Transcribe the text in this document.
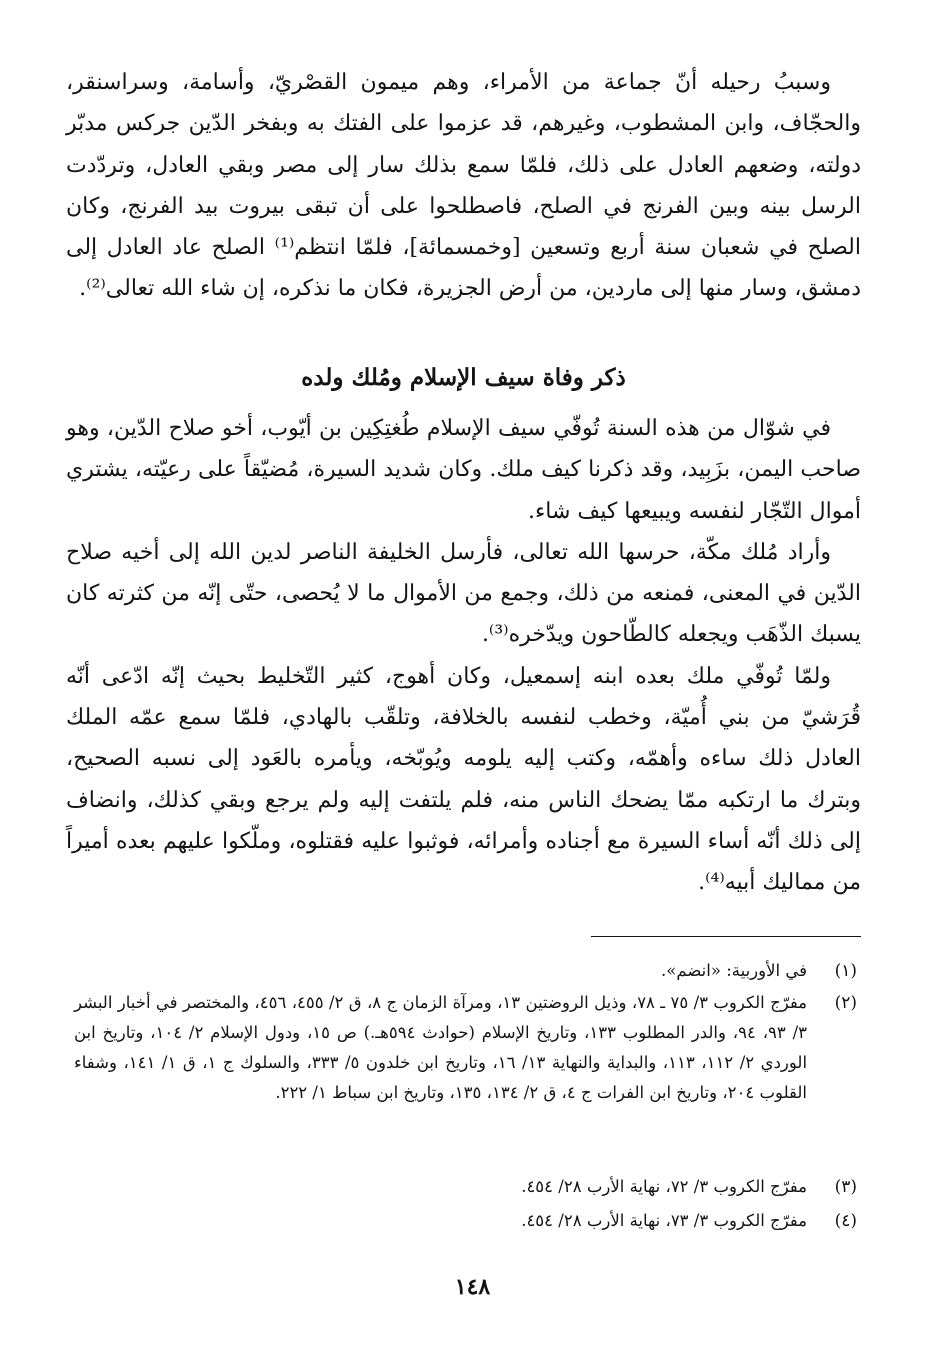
وسببُ رحيله أنّ جماعة من الأمراء، وهم ميمون القصْريّ، وأسامة، وسراسنقر، والحجّاف، وابن المشطوب، وغيرهم، قد عزموا على الفتك به وبفخر الدّين جركس مدبّر دولته، وضعهم العادل على ذلك، فلمّا سمع بذلك سار إلى مصر وبقي العادل، وتردّدت الرسل بينه وبين الفرنج في الصلح، فاصطلحوا على أن تبقى بيروت بيد الفرنج، وكان الصلح في شعبان سنة أربع وتسعين [وخمسمائة]، فلمّا انتظم⁽¹⁾ الصلح عاد العادل إلى دمشق، وسار منها إلى ماردين، من أرض الجزيرة، فكان ما نذكره، إن شاء الله تعالى⁽²⁾.

ذكر وفاة سيف الإسلام ومُلك ولده

في شوّال من هذه السنة تُوفّي سيف الإسلام طُغتِكِين بن أيّوب، أخو صلاح الدّين، وهو صاحب اليمن، بزَبِيد، وقد ذكرنا كيف ملك. وكان شديد السيرة، مُضيّقاً على رعيّته، يشتري أموال التّجّار لنفسه ويبيعها كيف شاء.

وأراد مُلك مكّة، حرسها الله تعالى، فأرسل الخليفة الناصر لدين الله إلى أخيه صلاح الدّين في المعنى، فمنعه من ذلك، وجمع من الأموال ما لا يُحصى، حتّى إنّه من كثرته كان يسبك الذّهَب ويجعله كالطّاحون ويدّخره⁽³⁾.

ولمّا تُوفّي ملك بعده ابنه إسمعيل، وكان أهوج، كثير التّخليط بحيث إنّه ادّعى أنّه قُرَشيّ من بني أُميّة، وخطب لنفسه بالخلافة، وتلقّب بالهادي، فلمّا سمع عمّه الملك العادل ذلك ساءه وأهمّه، وكتب إليه يلومه ويُوبّخه، ويأمره بالعَود إلى نسبه الصحيح، وبترك ما ارتكبه ممّا يضحك الناس منه، فلم يلتفت إليه ولم يرجع وبقي كذلك، وانضاف إلى ذلك أنّه أساء السيرة مع أجناده وأمرائه، فوثبوا عليه فقتلوه، وملّكوا عليهم بعده أميراً من مماليك أبيه⁽⁴⁾.

(١)

في الأوربية: «انضم».

(٢)

مفرّج الكروب ٣/ ٧٥ ـ ٧٨، وذيل الروضتين ١٣، ومرآة الزمان ج ٨، ق ٢/ ٤٥٥، ٤٥٦، والمختصر في أخبار البشر ٣/ ٩٣، ٩٤، والدر المطلوب ١٣٣، وتاريخ الإسلام (حوادث ٥٩٤هـ.) ص ١٥، ودول الإسلام ٢/ ١٠٤، وتاريخ ابن الوردي ٢/ ١١٢، ١١٣، والبداية والنهاية ١٣/ ١٦، وتاريخ ابن خلدون ٥/ ٣٣٣، والسلوك ج ١، ق ١/ ١٤١، وشفاء القلوب ٢٠٤، وتاريخ ابن الفرات ج ٤، ق ٢/ ١٣٤، ١٣٥، وتاريخ ابن سباط ١/ ٢٢٢.

(٣)

مفرّج الكروب ٣/ ٧٢، نهاية الأرب ٢٨/ ٤٥٤.

(٤)

مفرّج الكروب ٣/ ٧٣، نهاية الأرب ٢٨/ ٤٥٤.

١٤٨
